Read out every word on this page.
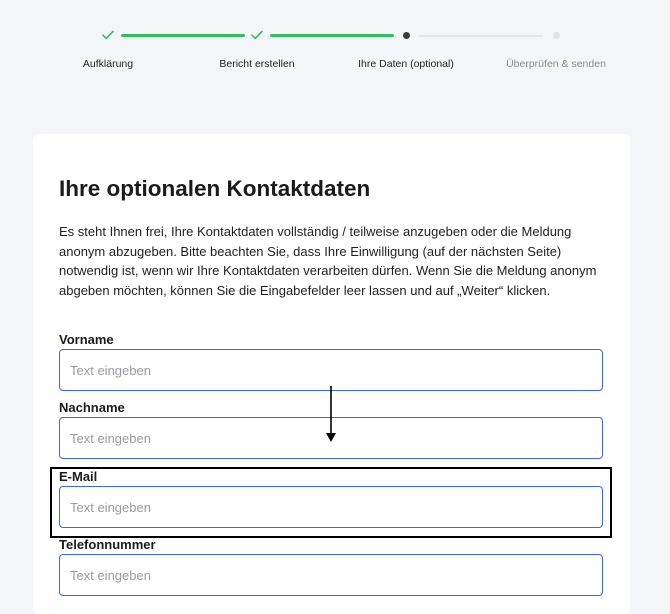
Aufklärung	Bericht erstellen	Ihre Daten (optional)	Überprüfen & senden
Ihre optionalen Kontaktdaten

Es steht Ihnen frei, Ihre Kontaktdaten vollständig / teilweise anzugeben oder die Meldung anonym abzugeben. Bitte beachten Sie, dass Ihre Einwilligung (auf der nächsten Seite) notwendig ist, wenn wir Ihre Kontaktdaten verarbeiten dürfen. Wenn Sie die Meldung anonym abgeben möchten, können Sie die Eingabefelder leer lassen und auf „Weiter“ klicken.

Vorname
Text eingeben
Nachname
Text eingeben
E-Mail
Text eingeben
Telefonnummer
Text eingeben
